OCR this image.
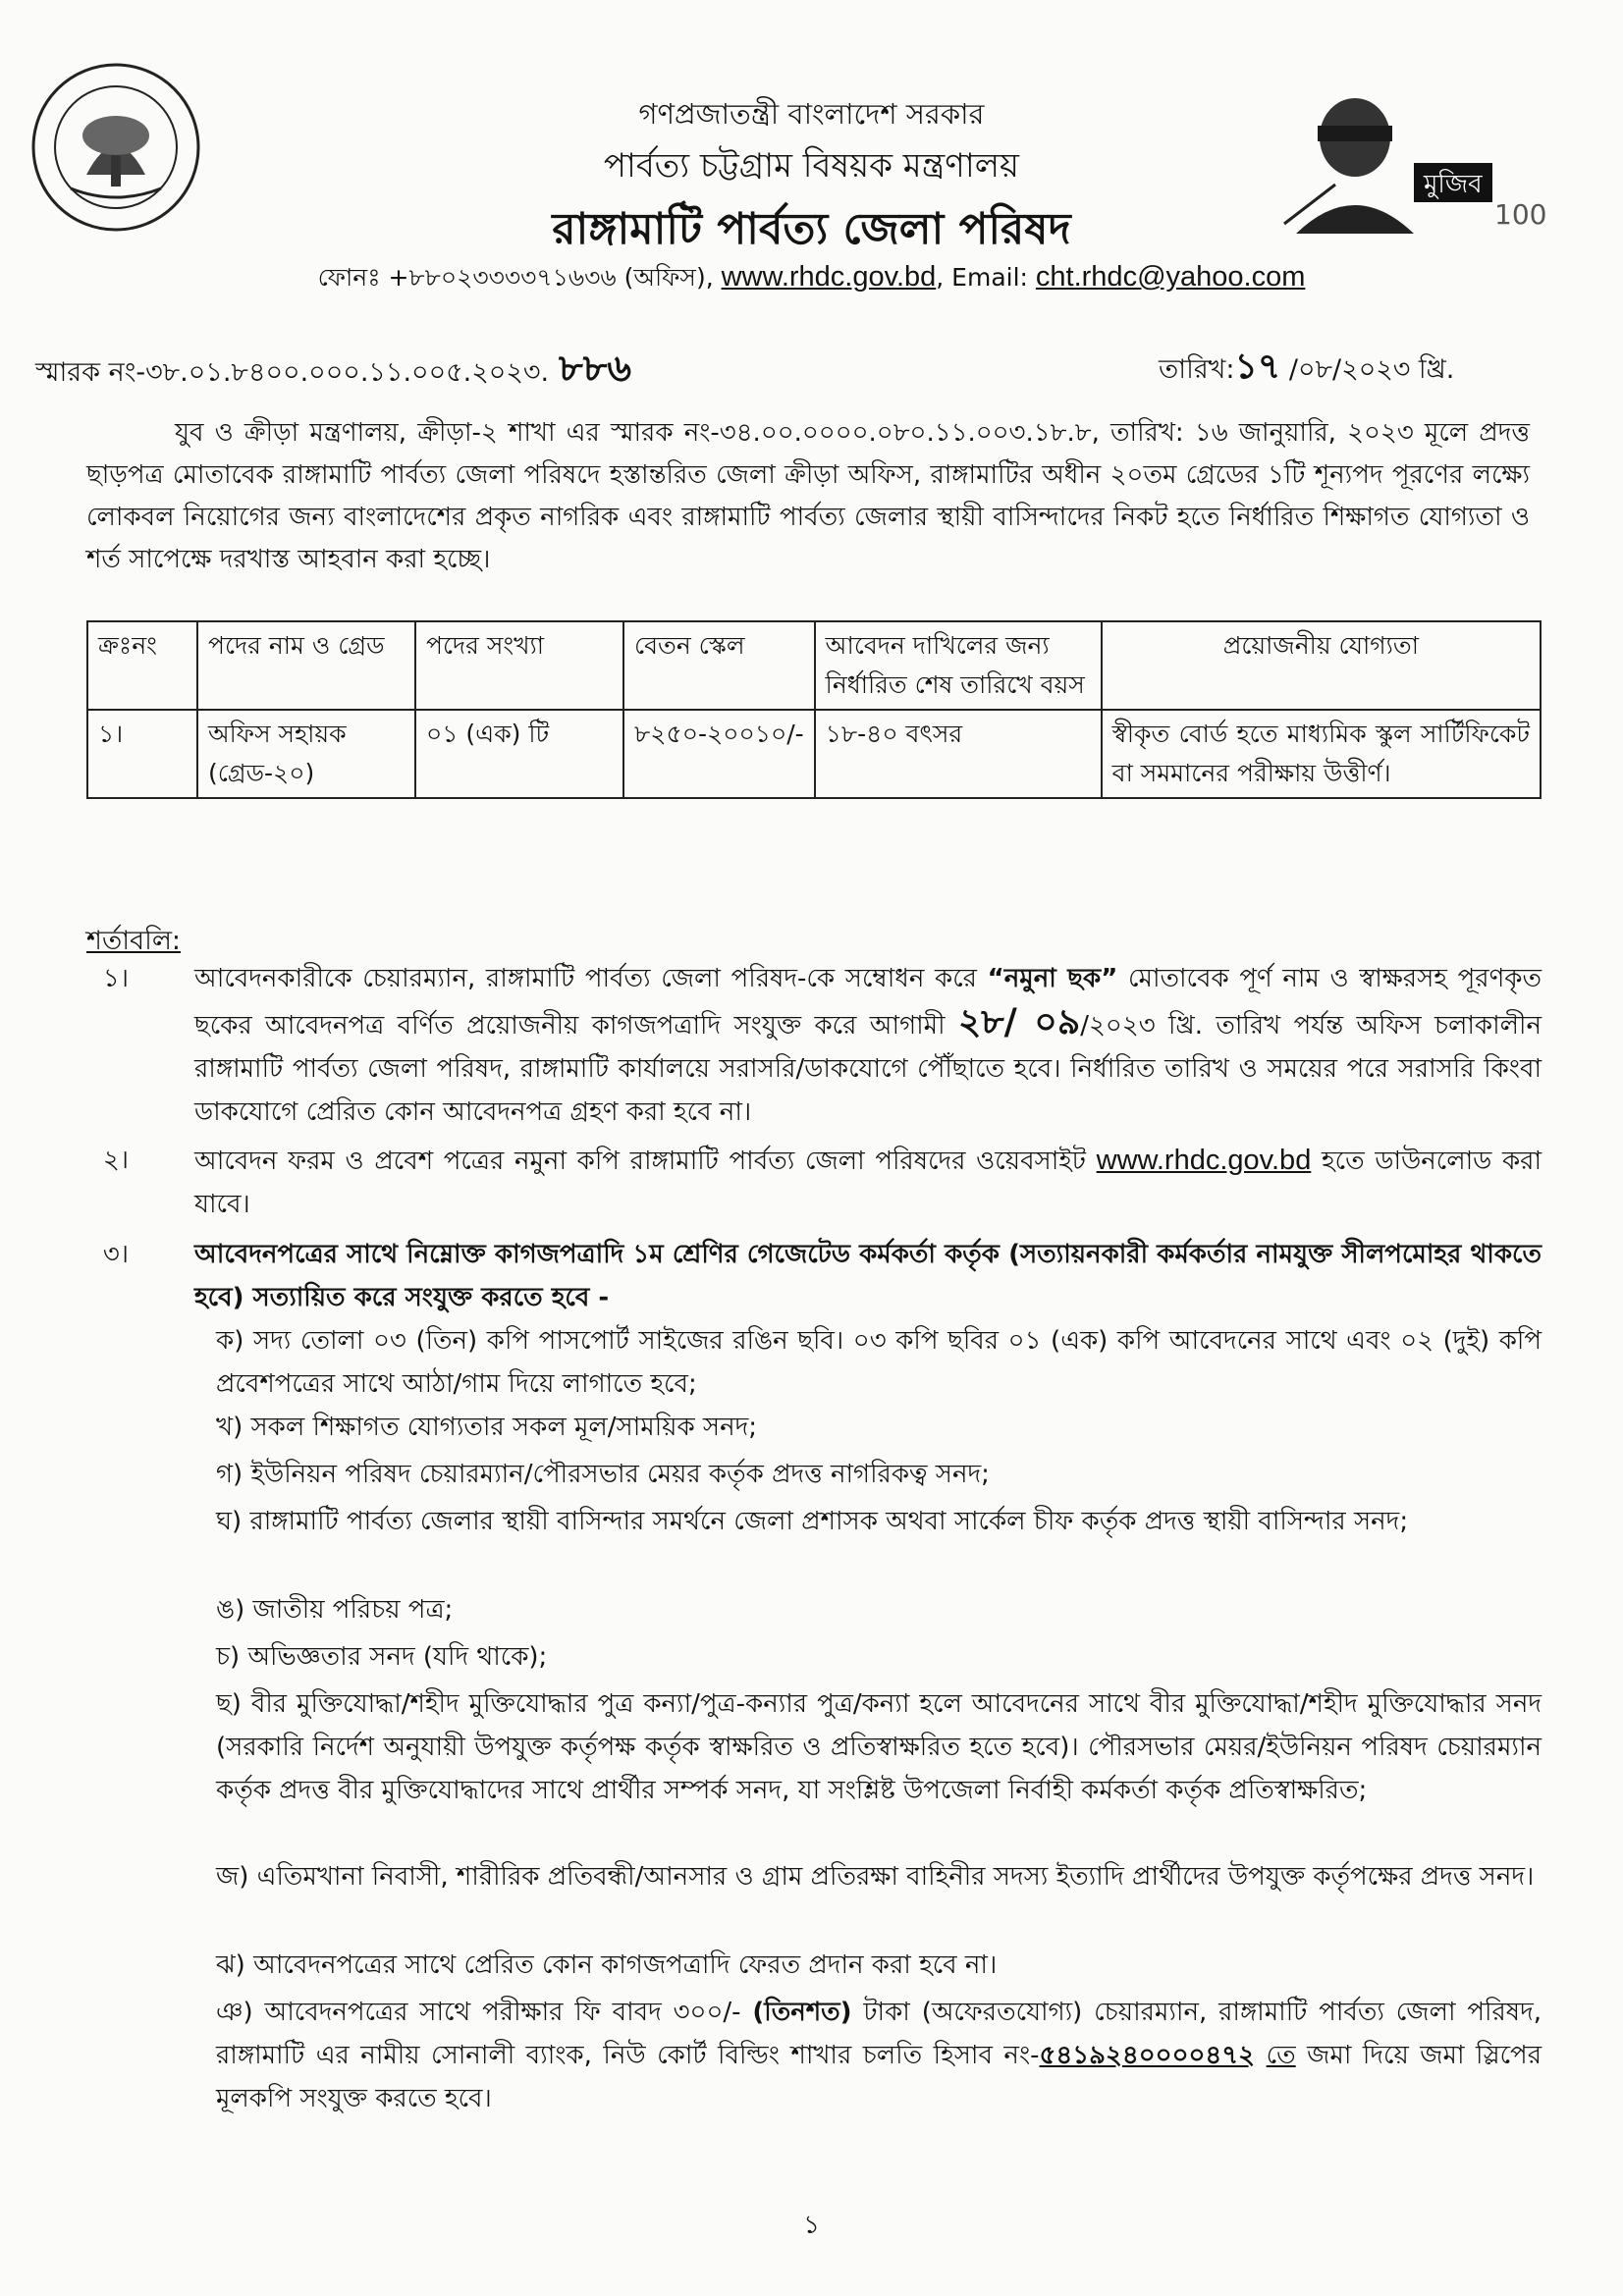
মুজিব
100
গণপ্রজাতন্ত্রী বাংলাদেশ সরকার
পার্বত্য চট্টগ্রাম বিষয়ক মন্ত্রণালয়
রাঙ্গামাটি পার্বত্য জেলা পরিষদ
ফোনঃ +৮৮০২৩৩৩৩৭১৬৩৬ (অফিস), www.rhdc.gov.bd, Email: cht.rhdc@yahoo.com
স্মারক নং-৩৮.০১.৮৪০০.০০০.১১.০০৫.২০২৩. ৮৮৬	তারিখ:১৭ /০৮/২০২৩ খ্রি.
যুব ও ক্রীড়া মন্ত্রণালয়, ক্রীড়া-২ শাখা এর স্মারক নং-৩৪.০০.০০০০.০৮০.১১.০০৩.১৮.৮, তারিখ: ১৬ জানুয়ারি, ২০২৩ মূলে প্রদত্ত ছাড়পত্র মোতাবেক রাঙ্গামাটি পার্বত্য জেলা পরিষদে হস্তান্তরিত জেলা ক্রীড়া অফিস, রাঙ্গামাটির অধীন ২০তম গ্রেডের ১টি শূন্যপদ পূরণের লক্ষ্যে লোকবল নিয়োগের জন্য বাংলাদেশের প্রকৃত নাগরিক এবং রাঙ্গামাটি পার্বত্য জেলার স্থায়ী বাসিন্দাদের নিকট হতে নির্ধারিত শিক্ষাগত যোগ্যতা ও শর্ত সাপেক্ষে দরখাস্ত আহবান করা হচ্ছে।
ক্রঃনং	পদের নাম ও গ্রেড	পদের সংখ্যা	বেতন স্কেল	আবেদন দাখিলের জন্য নির্ধারিত শেষ তারিখে বয়স	প্রয়োজনীয় যোগ্যতা
১।	অফিস সহায়ক (গ্রেড-২০)	০১ (এক) টি	৮২৫০-২০০১০/-	১৮-৪০ বৎসর	স্বীকৃত বোর্ড হতে মাধ্যমিক স্কুল সার্টিফিকেট বা সমমানের পরীক্ষায় উত্তীর্ণ।
শর্তাবলি:
১।	আবেদনকারীকে চেয়ারম্যান, রাঙ্গামাটি পার্বত্য জেলা পরিষদ-কে সম্বোধন করে “নমুনা ছক” মোতাবেক পূর্ণ নাম ও স্বাক্ষরসহ পূরণকৃত ছকের আবেদনপত্র বর্ণিত প্রয়োজনীয় কাগজপত্রাদি সংযুক্ত করে আগামী ২৮/ ০৯/২০২৩ খ্রি. তারিখ পর্যন্ত অফিস চলাকালীন রাঙ্গামাটি পার্বত্য জেলা পরিষদ, রাঙ্গামাটি কার্যালয়ে সরাসরি/ডাকযোগে পৌঁছাতে হবে। নির্ধারিত তারিখ ও সময়ের পরে সরাসরি কিংবা ডাকযোগে প্রেরিত কোন আবেদনপত্র গ্রহণ করা হবে না।
২।	আবেদন ফরম ও প্রবেশ পত্রের নমুনা কপি রাঙ্গামাটি পার্বত্য জেলা পরিষদের ওয়েবসাইট www.rhdc.gov.bd হতে ডাউনলোড করা যাবে।
৩।	আবেদনপত্রের সাথে নিম্নোক্ত কাগজপত্রাদি ১ম শ্রেণির গেজেটেড কর্মকর্তা কর্তৃক (সত্যায়নকারী কর্মকর্তার নামযুক্ত সীলপমোহর থাকতে হবে) সত্যায়িত করে সংযুক্ত করতে হবে -
ক) সদ্য তোলা ০৩ (তিন) কপি পাসপোর্ট সাইজের রঙিন ছবি। ০৩ কপি ছবির ০১ (এক) কপি আবেদনের সাথে এবং ০২ (দুই) কপি প্রবেশপত্রের সাথে আঠা/গাম দিয়ে লাগাতে হবে;
খ) সকল শিক্ষাগত যোগ্যতার সকল মূল/সাময়িক সনদ;
গ) ইউনিয়ন পরিষদ চেয়ারম্যান/পৌরসভার মেয়র কর্তৃক প্রদত্ত নাগরিকত্ব সনদ;
ঘ) রাঙ্গামাটি পার্বত্য জেলার স্থায়ী বাসিন্দার সমর্থনে জেলা প্রশাসক অথবা সার্কেল চীফ কর্তৃক প্রদত্ত স্থায়ী বাসিন্দার সনদ;
ঙ) জাতীয় পরিচয় পত্র;
চ) অভিজ্ঞতার সনদ (যদি থাকে);
ছ) বীর মুক্তিযোদ্ধা/শহীদ মুক্তিযোদ্ধার পুত্র কন্যা/পুত্র-কন্যার পুত্র/কন্যা হলে আবেদনের সাথে বীর মুক্তিযোদ্ধা/শহীদ মুক্তিযোদ্ধার সনদ (সরকারি নির্দেশ অনুযায়ী উপযুক্ত কর্তৃপক্ষ কর্তৃক স্বাক্ষরিত ও প্রতিস্বাক্ষরিত হতে হবে)। পৌরসভার মেয়র/ইউনিয়ন পরিষদ চেয়ারম্যান কর্তৃক প্রদত্ত বীর মুক্তিযোদ্ধাদের সাথে প্রার্থীর সম্পর্ক সনদ, যা সংশ্লিষ্ট উপজেলা নির্বাহী কর্মকর্তা কর্তৃক প্রতিস্বাক্ষরিত;
জ) এতিমখানা নিবাসী, শারীরিক প্রতিবন্ধী/আনসার ও গ্রাম প্রতিরক্ষা বাহিনীর সদস্য ইত্যাদি প্রার্থীদের উপযুক্ত কর্তৃপক্ষের প্রদত্ত সনদ।
ঝ) আবেদনপত্রের সাথে প্রেরিত কোন কাগজপত্রাদি ফেরত প্রদান করা হবে না।
ঞ) আবেদনপত্রের সাথে পরীক্ষার ফি বাবদ ৩০০/- (তিনশত) টাকা (অফেরতযোগ্য) চেয়ারম্যান, রাঙ্গামাটি পার্বত্য জেলা পরিষদ, রাঙ্গামাটি এর নামীয় সোনালী ব্যাংক, নিউ কোর্ট বিল্ডিং শাখার চলতি হিসাব নং-৫৪১৯২৪০০০০৪৭২ তে জমা দিয়ে জমা স্লিপের মূলকপি সংযুক্ত করতে হবে।
১
